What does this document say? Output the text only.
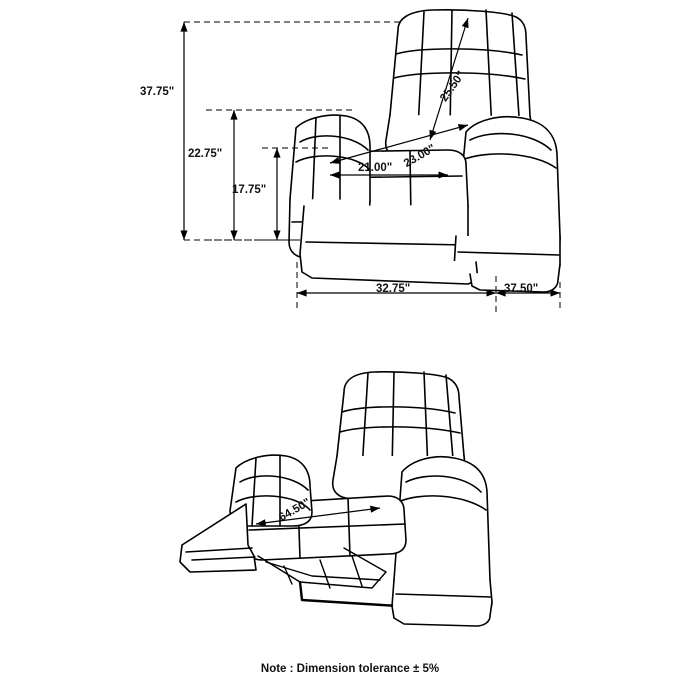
37.75"
22.75"
17.75"
25.50"
23.00"
21.00"
32.75"	37.50"
64.50"
Note : Dimension tolerance ± 5%
